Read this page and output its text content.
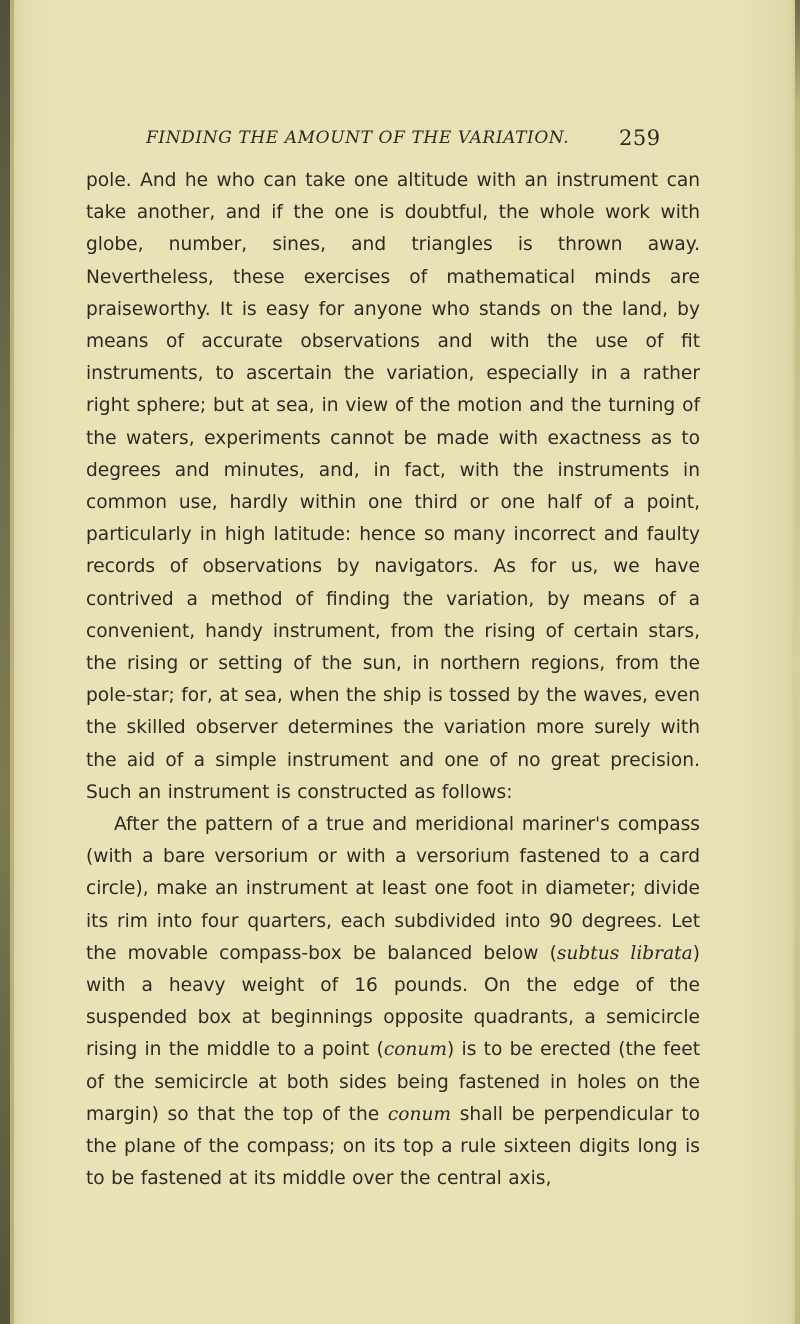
FINDING THE AMOUNT OF THE VARIATION. 259

pole. And he who can take one altitude with an instrument can take another, and if the one is doubtful, the whole work with globe, number, sines, and triangles is thrown away. Nevertheless, these exercises of mathematical minds are praiseworthy. It is easy for anyone who stands on the land, by means of accurate observations and with the use of fit instruments, to ascertain the variation, especially in a rather right sphere; but at sea, in view of the motion and the turning of the waters, experiments cannot be made with exactness as to degrees and minutes, and, in fact, with the instruments in common use, hardly within one third or one half of a point, particularly in high latitude: hence so many incorrect and faulty records of observations by navigators. As for us, we have contrived a method of finding the variation, by means of a convenient, handy instrument, from the rising of certain stars, the rising or setting of the sun, in northern regions, from the pole-star; for, at sea, when the ship is tossed by the waves, even the skilled observer determines the variation more surely with the aid of a simple instrument and one of no great precision. Such an instrument is constructed as follows:

After the pattern of a true and meridional mariner's compass (with a bare versorium or with a versorium fastened to a card circle), make an instrument at least one foot in diameter; divide its rim into four quarters, each subdivided into 90 degrees. Let the movable compass-box be balanced below (subtus librata) with a heavy weight of 16 pounds. On the edge of the suspended box at beginnings opposite quadrants, a semicircle rising in the middle to a point (conum) is to be erected (the feet of the semicircle at both sides being fastened in holes on the margin) so that the top of the conum shall be perpendicular to the plane of the compass; on its top a rule sixteen digits long is to be fastened at its middle over the central axis,
